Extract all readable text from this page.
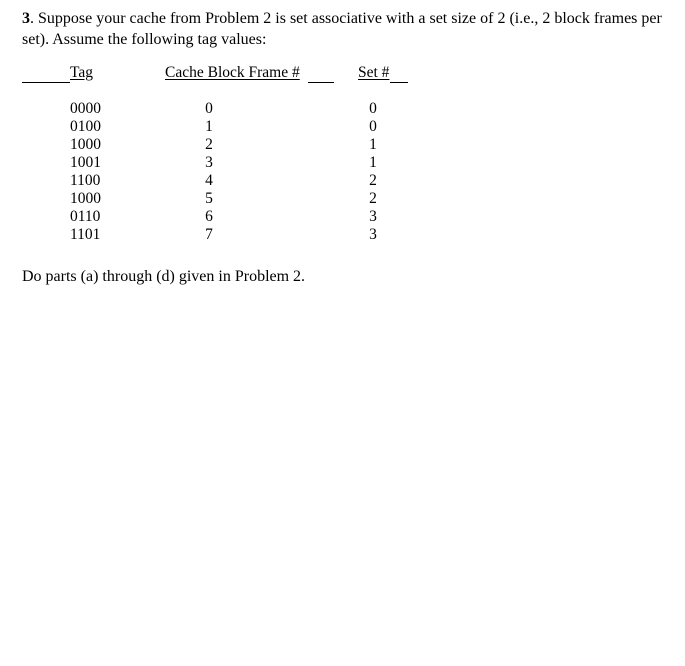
3. Suppose your cache from Problem 2 is set associative with a set size of 2 (i.e., 2 block frames per set). Assume the following tag values:
Tag	Cache Block Frame #	Set #
0000	0	0
0100	1	0
1000	2	1
1001	3	1
1100	4	2
1000	5	2
0110	6	3
1101	7	3
Do parts (a) through (d) given in Problem 2.
